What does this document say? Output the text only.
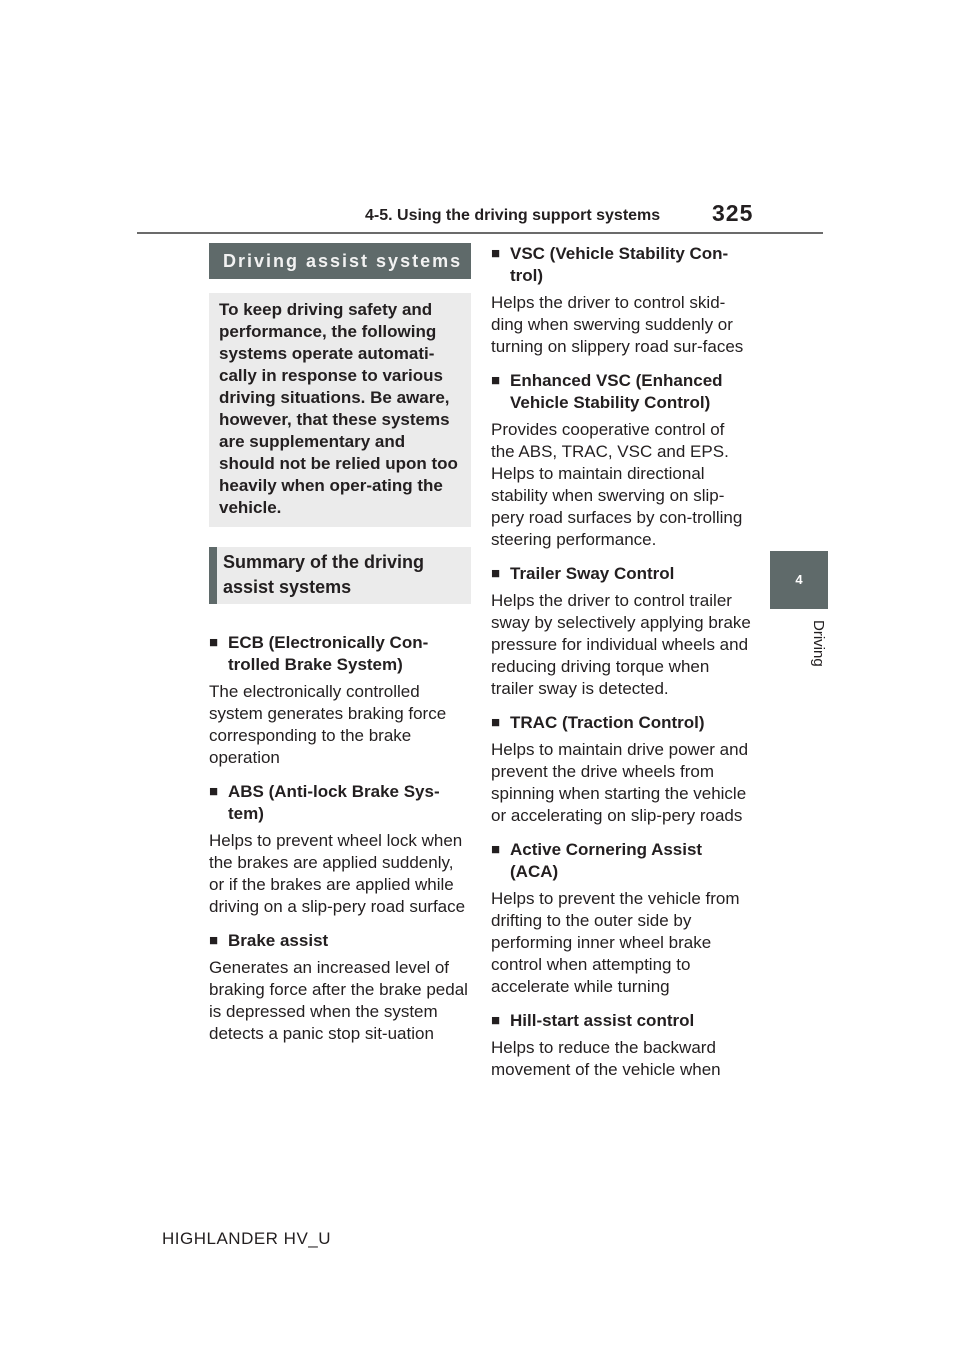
4-5. Using the driving support systems 325
4
Driving
Driving assist systems
To keep driving safety and performance, the following systems operate automati-cally in response to various driving situations. Be aware, however, that these systems are supplementary and should not be relied upon too heavily when oper-ating the vehicle.
Summary of the driving assist systems
■ ECB (Electronically Con-trolled Brake System)
The electronically controlled system generates braking force corresponding to the brake operation
■ ABS (Anti-lock Brake Sys-tem)
Helps to prevent wheel lock when the brakes are applied suddenly, or if the brakes are applied while driving on a slip-pery road surface
■ Brake assist
Generates an increased level of braking force after the brake pedal is depressed when the system detects a panic stop sit-uation
■ VSC (Vehicle Stability Con-trol)
Helps the driver to control skid-ding when swerving suddenly or turning on slippery road sur-faces
■ Enhanced VSC (Enhanced Vehicle Stability Control)
Provides cooperative control of the ABS, TRAC, VSC and EPS. Helps to maintain directional stability when swerving on slip-pery road surfaces by con-trolling steering performance.
■ Trailer Sway Control
Helps the driver to control trailer sway by selectively applying brake pressure for individual wheels and reducing driving torque when trailer sway is detected.
■ TRAC (Traction Control)
Helps to maintain drive power and prevent the drive wheels from spinning when starting the vehicle or accelerating on slip-pery roads
■ Active Cornering Assist (ACA)
Helps to prevent the vehicle from drifting to the outer side by performing inner wheel brake control when attempting to accelerate while turning
■ Hill-start assist control
Helps to reduce the backward movement of the vehicle when
HIGHLANDER HV_U
